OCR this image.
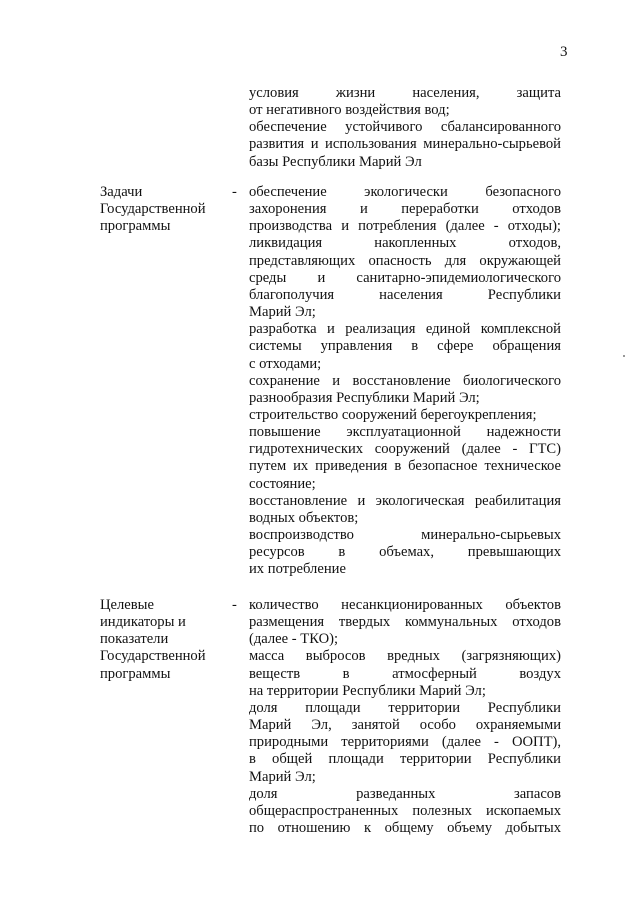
3
условия жизни населения, защита
от негативного воздействия вод;
обеспечение устойчивого сбалансированного
развития и использования минерально-сырьевой
базы Республики Марий Эл
Задачи
Государственной
программы
- обеспечение экологически безопасного
захоронения и переработки отходов
производства и потребления (далее - отходы);
ликвидация накопленных отходов,
представляющих опасность для окружающей
среды и санитарно-эпидемиологического
благополучия населения Республики
Марий Эл;
разработка и реализация единой комплексной
системы управления в сфере обращения
с отходами;
сохранение и восстановление биологического
разнообразия Республики Марий Эл;
строительство сооружений берегоукрепления;
повышение эксплуатационной надежности
гидротехнических сооружений (далее - ГТС)
путем их приведения в безопасное техническое
состояние;
восстановление и экологическая реабилитация
водных объектов;
воспроизводство минерально-сырьевых
ресурсов в объемах, превышающих
их потребление
Целевые
индикаторы и
показатели
Государственной
программы
- количество несанкционированных объектов
размещения твердых коммунальных отходов
(далее - ТКО);
масса выбросов вредных (загрязняющих)
веществ в атмосферный воздух
на территории Республики Марий Эл;
доля площади территории Республики
Марий Эл, занятой особо охраняемыми
природными территориями (далее - ООПТ),
в общей площади территории Республики
Марий Эл;
доля разведанных запасов
общераспространенных полезных ископаемых
по отношению к общему объему добытых
